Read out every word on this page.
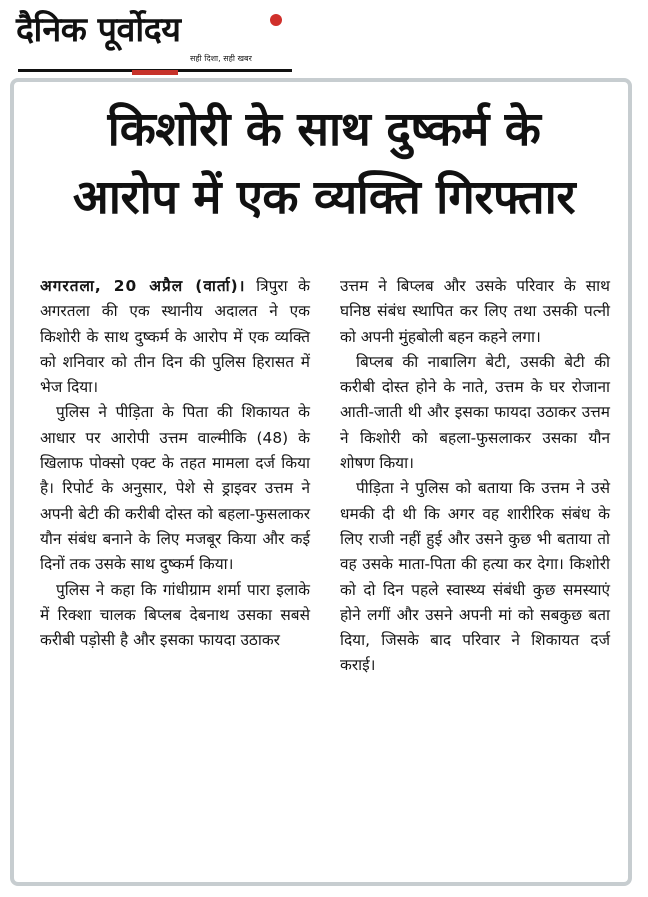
दैनिक पूर्वोदय
सही दिशा, सही खबर
किशोरी के साथ दुष्कर्म के
आरोप में एक व्यक्ति गिरफ्तार

अगरतला, 20 अप्रैल (वार्ता)। त्रिपुरा के अगरतला की एक स्थानीय अदालत ने एक किशोरी के साथ दुष्कर्म के आरोप में एक व्यक्ति को शनिवार को तीन दिन की पुलिस हिरासत में भेज दिया।

पुलिस ने पीड़िता के पिता की शिकायत के आधार पर आरोपी उत्तम वाल्मीकि (48) के खिलाफ पोक्सो एक्ट के तहत मामला दर्ज किया है। रिपोर्ट के अनुसार, पेशे से ड्राइवर उत्तम ने अपनी बेटी की करीबी दोस्त को बहला-फुसलाकर यौन संबंध बनाने के लिए मजबूर किया और कई दिनों तक उसके साथ दुष्कर्म किया।

पुलिस ने कहा कि गांधीग्राम शर्मा पारा इलाके में रिक्शा चालक बिप्लब देबनाथ उसका सबसे करीबी पड़ोसी है और इसका फायदा उठाकर

उत्तम ने बिप्लब और उसके परिवार के साथ घनिष्ठ संबंध स्थापित कर लिए तथा उसकी पत्नी को अपनी मुंहबोली बहन कहने लगा।

बिप्लब की नाबालिग बेटी, उसकी बेटी की करीबी दोस्त होने के नाते, उत्तम के घर रोजाना आती-जाती थी और इसका फायदा उठाकर उत्तम ने किशोरी को बहला-फुसलाकर उसका यौन शोषण किया।

पीड़िता ने पुलिस को बताया कि उत्तम ने उसे धमकी दी थी कि अगर वह शारीरिक संबंध के लिए राजी नहीं हुई और उसने कुछ भी बताया तो वह उसके माता-पिता की हत्या कर देगा। किशोरी को दो दिन पहले स्वास्थ्य संबंधी कुछ समस्याएं होने लगीं और उसने अपनी मां को सबकुछ बता दिया, जिसके बाद परिवार ने शिकायत दर्ज कराई।
